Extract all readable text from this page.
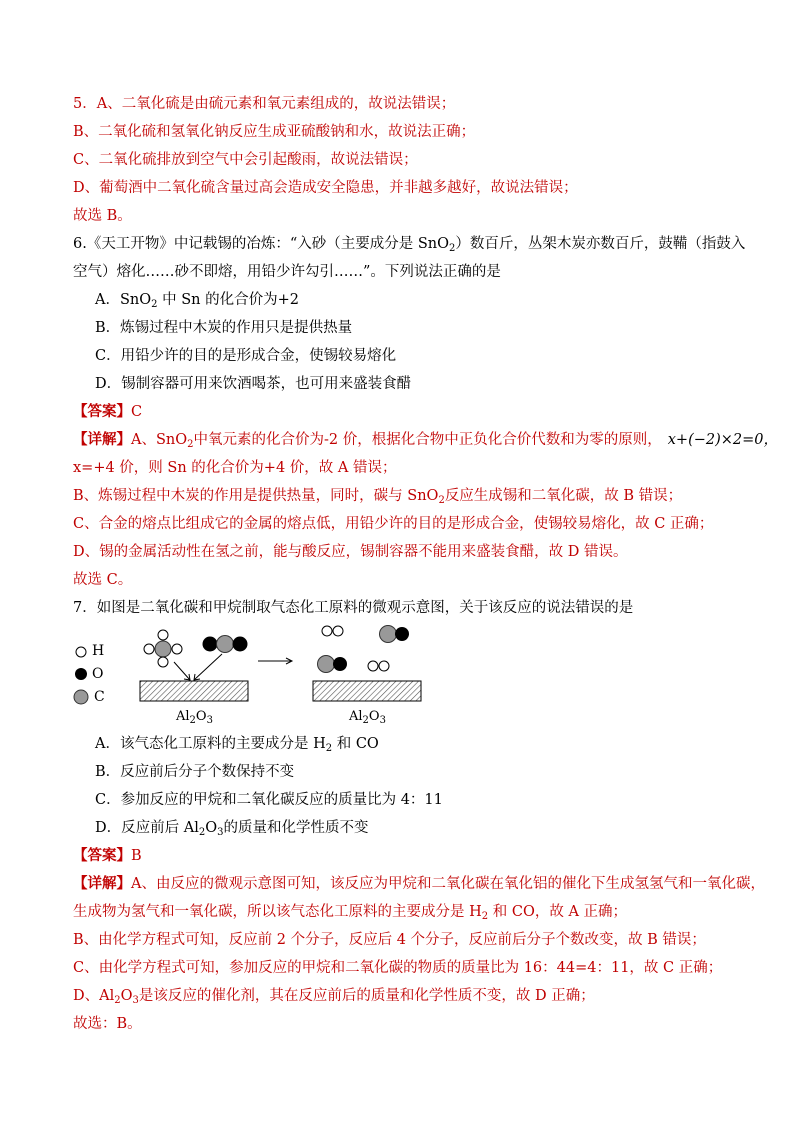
5．A、二氧化硫是由硫元素和氧元素组成的，故说法错误；
B、二氧化硫和氢氧化钠反应生成亚硫酸钠和水，故说法正确；
C、二氧化硫排放到空气中会引起酸雨，故说法错误；
D、葡萄酒中二氧化硫含量过高会造成安全隐患，并非越多越好，故说法错误；
故选 B。
6.《天工开物》中记载锡的冶炼：“入砂（主要成分是 SnO$_2$）数百斤，丛架木炭亦数百斤，鼓鞴（指鼓入
空气）熔化……砂不即熔，用铅少许勾引……”。下列说法正确的是
A．SnO$_2$ 中 Sn 的化合价为+2
B．炼锡过程中木炭的作用只是提供热量
C．用铅少许的目的是形成合金，使锡较易熔化
D．锡制容器可用来饮酒喝茶，也可用来盛装食醋
【答案】C
【详解】A、SnO$_2$中氧元素的化合价为-2 价，根据化合物中正负化合价代数和为零的原则， x+(−2)×2=0，
x=+4 价，则 Sn 的化合价为+4 价，故 A 错误；
B、炼锡过程中木炭的作用是提供热量，同时，碳与 SnO$_2$反应生成锡和二氧化碳，故 B 错误；
C、合金的熔点比组成它的金属的熔点低，用铅少许的目的是形成合金，使锡较易熔化，故 C 正确；
D、锡的金属活动性在氢之前，能与酸反应，锡制容器不能用来盛装食醋，故 D 错误。
故选 C。
7．如图是二氧化碳和甲烷制取气态化工原料的微观示意图，关于该反应的说法错误的是
H
O
C
$Al_2O_3$	$Al_2O_3$
A．该气态化工原料的主要成分是 $H_2$ 和 CO
B．反应前后分子个数保持不变
C．参加反应的甲烷和二氧化碳反应的质量比为 4：11
D．反应前后 $Al_2O_3$的质量和化学性质不变
【答案】B
【详解】A、由反应的微观示意图可知，该反应为甲烷和二氧化碳在氧化铝的催化下生成氢氢气和一氧化碳，
生成物为氢气和一氧化碳，所以该气态化工原料的主要成分是 $H_2$ 和 CO，故 A 正确；
B、由化学方程式可知，反应前 2 个分子，反应后 4 个分子，反应前后分子个数改变，故 B 错误；
C、由化学方程式可知，参加反应的甲烷和二氧化碳的物质的质量比为 16：44=4：11，故 C 正确；
D、$Al_2O_3$是该反应的催化剂，其在反应前后的质量和化学性质不变，故 D 正确；
故选：B。
